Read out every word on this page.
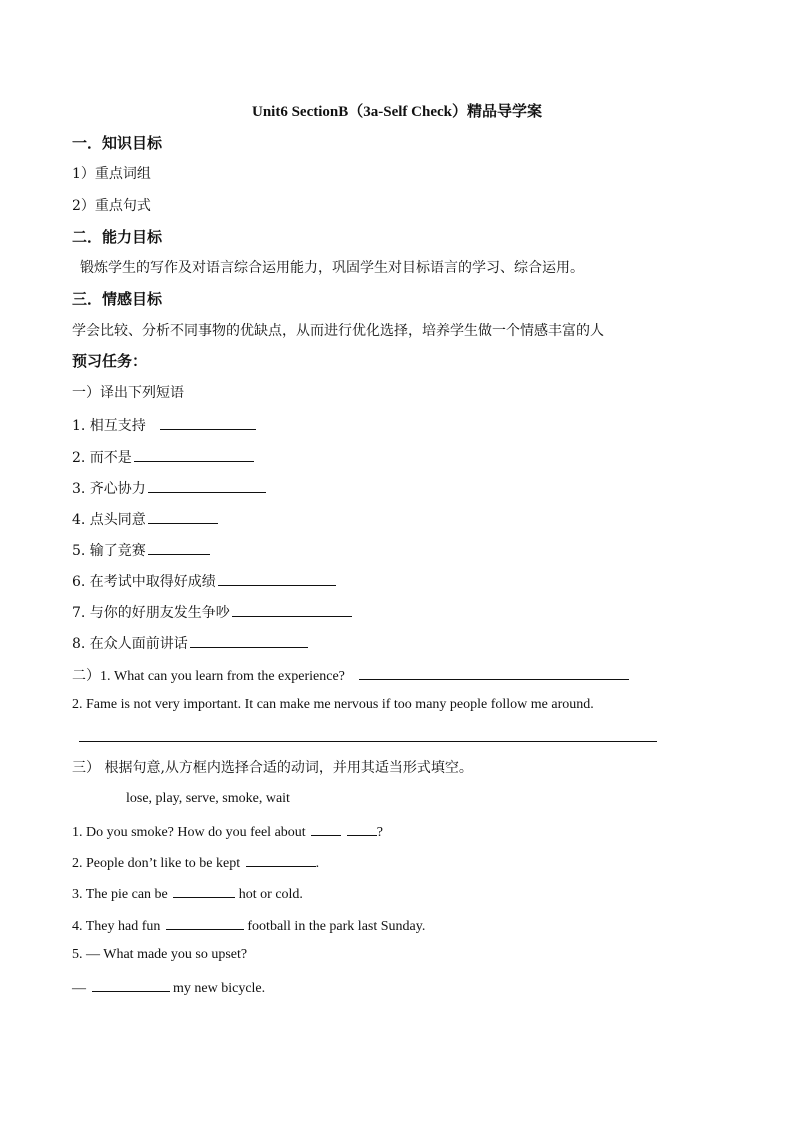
Unit6 SectionB（3a-Self Check）精品导学案
一．知识目标
1）重点词组
2）重点句式
二．能力目标
锻炼学生的写作及对语言综合运用能力，巩固学生对目标语言的学习、综合运用。
三．情感目标
学会比较、分析不同事物的优缺点，从而进行优化选择，培养学生做一个情感丰富的人
预习任务：
一）译出下列短语
1. 相互支持
2. 而不是
3. 齐心协力
4. 点头同意
5. 输了竞赛
6. 在考试中取得好成绩
7. 与你的好朋友发生争吵
8. 在众人面前讲话
二）1. What can you learn from the experience?
2. Fame is not very important. It can make me nervous if too many people follow me around.
三） 根据句意,从方框内选择合适的动词，并用其适当形式填空。
lose, play, serve, smoke, wait
1. Do you smoke? How do you feel about	?
2. People don’t like to be kept	.
3. The pie can be	hot or cold.
4. They had fun	football in the park last Sunday.
5. — What made you so upset?
—	my new bicycle.
